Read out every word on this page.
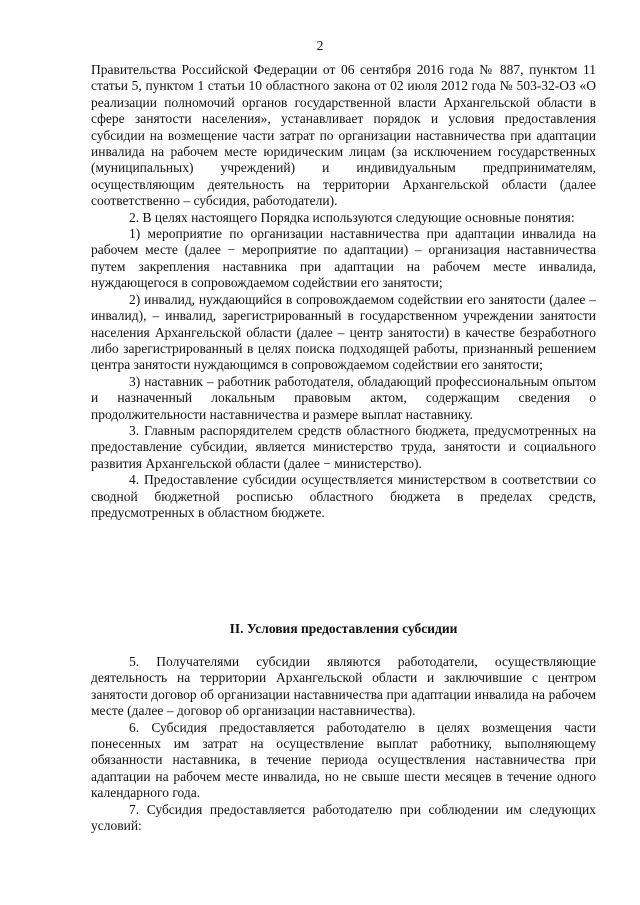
2

Правительства Российской Федерации от 06 сентября 2016 года № 887, пунктом 11 статьи 5, пунктом 1 статьи 10 областного закона от 02 июля 2012 года № 503-32-ОЗ «О реализации полномочий органов государственной власти Архангельской области в сфере занятости населения», устанавливает порядок и условия предоставления субсидии на возмещение части затрат по организации наставничества при адаптации инвалида на рабочем месте юридическим лицам (за исключением государственных (муниципальных) учреждений) и индивидуальным предпринимателям, осуществляющим деятельность на территории Архангельской области (далее соответственно – субсидия, работодатели).

2. В целях настоящего Порядка используются следующие основные понятия:

1) мероприятие по организации наставничества при адаптации инвалида на рабочем месте (далее − мероприятие по адаптации) – организация наставничества путем закрепления наставника при адаптации на рабочем месте инвалида, нуждающегося в сопровождаемом содействии его занятости;

2) инвалид, нуждающийся в сопровождаемом содействии его занятости (далее – инвалид), – инвалид, зарегистрированный в государственном учреждении занятости населения Архангельской области (далее – центр занятости) в качестве безработного либо зарегистрированный в целях поиска подходящей работы, признанный решением центра занятости нуждающимся в сопровождаемом содействии его занятости;

3) наставник – работник работодателя, обладающий профессиональным опытом и назначенный локальным правовым актом, содержащим сведения о продолжительности наставничества и размере выплат наставнику.

3. Главным распорядителем средств областного бюджета, предусмотренных на предоставление субсидии, является министерство труда, занятости и социального развития Архангельской области (далее − министерство).

4. Предоставление субсидии осуществляется министерством в соответствии со сводной бюджетной росписью областного бюджета в пределах средств, предусмотренных в областном бюджете.

II. Условия предоставления субсидии

5. Получателями субсидии являются работодатели, осуществляющие деятельность на территории Архангельской области и заключившие с центром занятости договор об организации наставничества при адаптации инвалида на рабочем месте (далее – договор об организации наставничества).

6. Субсидия предоставляется работодателю в целях возмещения части понесенных им затрат на осуществление выплат работнику, выполняющему обязанности наставника, в течение периода осуществления наставничества при адаптации на рабочем месте инвалида, но не свыше шести месяцев в течение одного календарного года.

7. Субсидия предоставляется работодателю при соблюдении им следующих условий:
